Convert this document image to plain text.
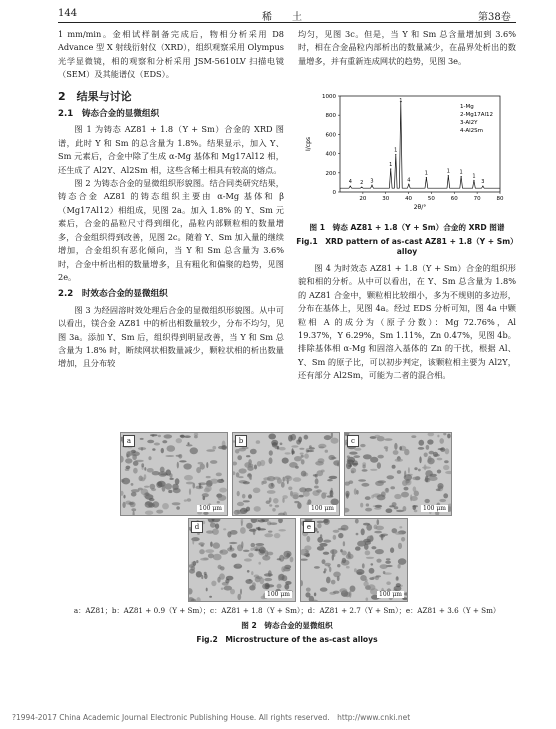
144	稀　　土	第38卷

1 mm/min。金相试样制备完成后，物相分析采用 D8 Advance 型 X 射线衍射仪（XRD），组织观察采用 Olympus 光学显微镜，相的观察和分析采用 JSM-5610LV 扫描电镜（SEM）及其能谱仪（EDS）。

2　结果与讨论
2.1　铸态合金的显微组织

图 1 为铸态 AZ81 + 1.8（Y + Sm）合金的 XRD 图谱，此时 Y 和 Sm 的总含量为 1.8%。结果显示，加入 Y、Sm 元素后，合金中除了生成 α-Mg 基体和 Mg17Al12 相，还生成了 Al2Y、Al2Sm 相，这些含稀土相具有较高的熔点。

图 2 为铸态合金的显微组织形貌图。结合同类研究结果，铸态合金 AZ81 的铸态组织主要由 α-Mg 基体和 β（Mg17Al12）相组成，见图 2a。加入 1.8% 的 Y、Sm 元素后，合金的晶粒尺寸得到细化，晶粒内部颗粒相的数量增多，合金组织得到改善，见图 2c。随着 Y、Sm 加入量的继续增加，合金组织有恶化倾向，当 Y 和 Sm 总含量为 3.6% 时，合金中析出相的数量增多，且有粗化和偏聚的趋势，见图 2e。

2.2　时效态合金的显微组织

图 3 为经固溶时效处理后合金的显微组织形貌图。从中可以看出，镁合金 AZ81 中的析出相数量较少，分布不均匀，见图 3a。添加 Y、Sm 后，组织得到明显改善，当 Y 和 Sm 总含量为 1.8% 时，断续网状相数量减少，颗粒状相的析出数量增加，且分布较

均匀，见图 3c。但是，当 Y 和 Sm 总含量增加到 3.6% 时，相在合金晶粒内部析出的数量减少，在晶界处析出的数量增多，并有重新连成网状的趋势，见图 3e。

0
200
400
600
800
1000
20	30	40	50	60	70	80
2θ/°
I/cps
4 2 3
1
1
1
4
1	1 1
1
3
1-Mg
2-Mg17Al12
3-Al2Y
4-Al2Sm
图 1　铸态 AZ81 + 1.8（Y + Sm）合金的 XRD 图谱
Fig.1　XRD pattern of as-cast AZ81 + 1.8（Y + Sm）alloy

图 4 为时效态 AZ81 + 1.8（Y + Sm）合金的组织形貌和相的分析。从中可以看出，在 Y、Sm 总含量为 1.8% 的 AZ81 合金中，颗粒相比较细小，多为不规则的多边形，分布在基体上，见图 4a。经过 EDS 分析可知，图 4a 中颗粒相 A 的成分为（原子分数）：Mg 72.76%，Al 19.37%，Y 6.29%，Sm 1.11%，Zn 0.47%，见图 4b。排除基体相 α-Mg 和固溶入基体的 Zn 的干扰，根据 Al、Y、Sm 的原子比，可以初步判定，该颗粒相主要为 Al2Y，还有部分 Al2Sm，可能为二者的混合相。

a
100 μm
b
100 μm
c
100 μm
d
100 μm
e
100 μm
a：AZ81；b：AZ81 + 0.9（Y + Sm）；c：AZ81 + 1.8（Y + Sm）；d：AZ81 + 2.7（Y + Sm）；e：AZ81 + 3.6（Y + Sm）
图 2　铸态合金的显微组织
Fig.2　Microstructure of the as-cast alloys
?1994-2017 China Academic Journal Electronic Publishing House. All rights reserved.　http://www.cnki.net
